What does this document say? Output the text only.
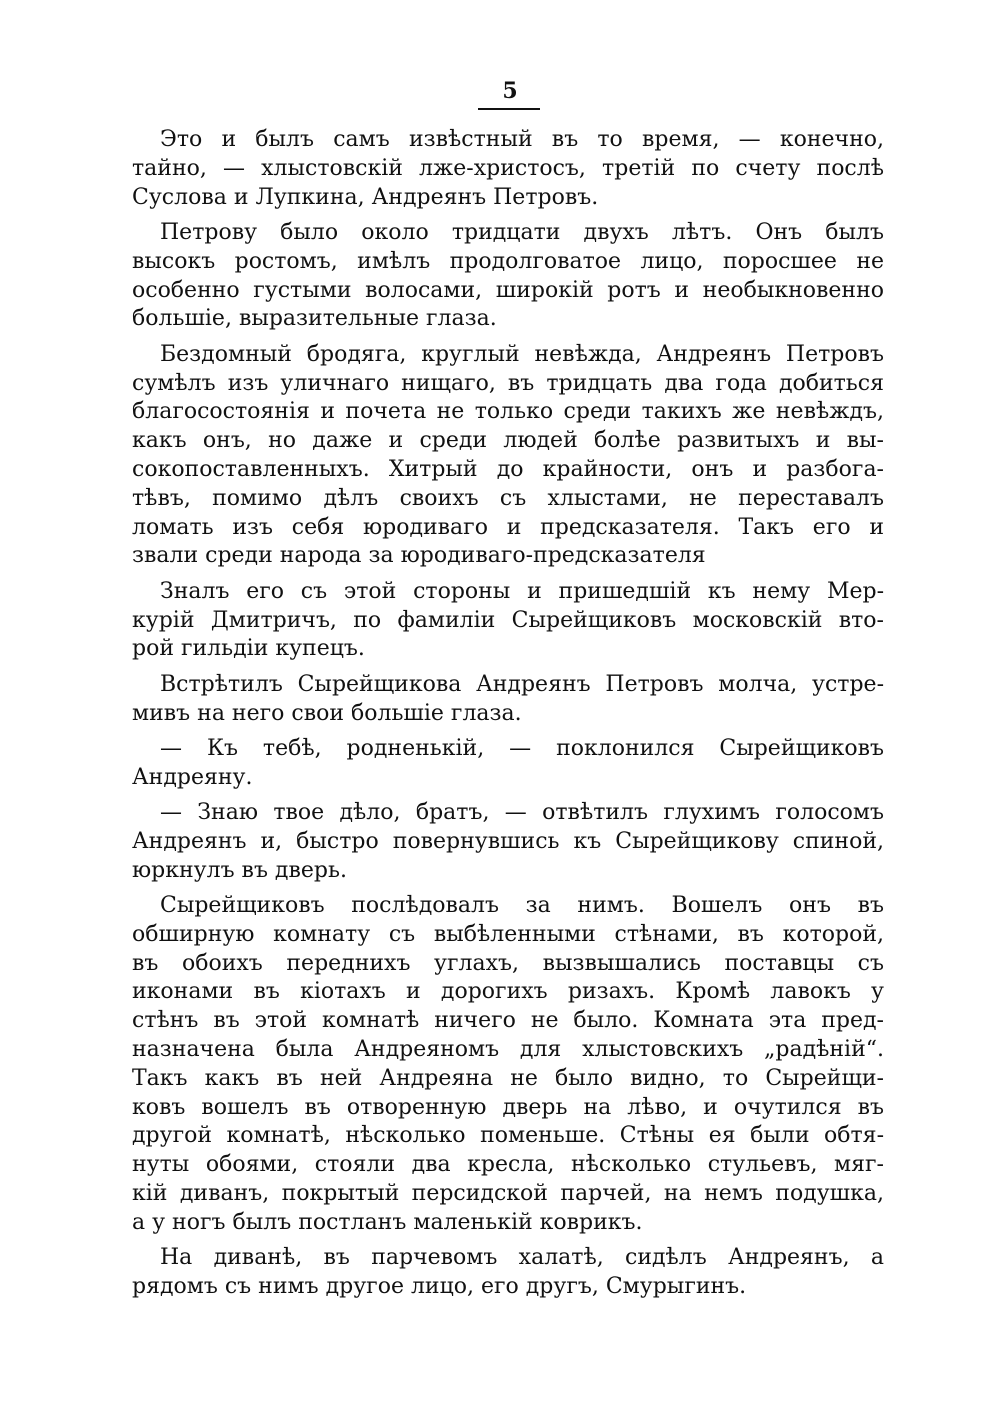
5
Это и былъ самъ извѣстный въ то время, — конечно,
тайно, — хлыстовскій лже-христосъ, третій по счету послѣ
Суслова и Лупкина, Андреянъ Петровъ.
Петрову было около тридцати двухъ лѣтъ. Онъ былъ
высокъ ростомъ, имѣлъ продолговатое лицо, поросшее не
особенно густыми волосами, широкій ротъ и необыкновенно
большіе, выразительные глаза.
Бездомный бродяга, круглый невѣжда, Андреянъ Петровъ
сумѣлъ изъ уличнаго нищаго, въ тридцать два года добиться
благосостоянія и почета не только среди такихъ же невѣждъ,
какъ онъ, но даже и среди людей болѣе развитыхъ и вы-
сокопоставленныхъ. Хитрый до крайности, онъ и разбога-
тѣвъ, помимо дѣлъ своихъ съ хлыстами, не переставалъ
ломать изъ себя юродиваго и предсказателя. Такъ его и
звали среди народа за юродиваго-предсказателя
Зналъ его съ этой стороны и пришедшій къ нему Мер-
курій Дмитричъ, по фамиліи Сырейщиковъ московскій вто-
рой гильдіи купецъ.
Встрѣтилъ Сырейщикова Андреянъ Петровъ молча, устре-
мивъ на него свои большіе глаза.
— Къ тебѣ, родненькій, — поклонился Сырейщиковъ
Андреяну.
— Знаю твое дѣло, братъ, — отвѣтилъ глухимъ голосомъ
Андреянъ и, быстро повернувшись къ Сырейщикову спиной,
юркнулъ въ дверь.
Сырейщиковъ послѣдовалъ за нимъ. Вошелъ онъ въ
обширную комнату съ выбѣленными стѣнами, въ которой,
въ обоихъ переднихъ углахъ, вызвышались поставцы съ
иконами въ кіотахъ и дорогихъ ризахъ. Кромѣ лавокъ у
стѣнъ въ этой комнатѣ ничего не было. Комната эта пред-
назначена была Андреяномъ для хлыстовскихъ „радѣній“.
Такъ какъ въ ней Андреяна не было видно, то Сырейщи-
ковъ вошелъ въ отворенную дверь на лѣво, и очутился въ
другой комнатѣ, нѣсколько поменьше. Стѣны ея были обтя-
нуты обоями, стояли два кресла, нѣсколько стульевъ, мяг-
кій диванъ, покрытый персидской парчей, на немъ подушка,
а у ногъ былъ постланъ маленькій коврикъ.
На диванѣ, въ парчевомъ халатѣ, сидѣлъ Андреянъ, а
рядомъ съ нимъ другое лицо, его другъ, Смурыгинъ.
